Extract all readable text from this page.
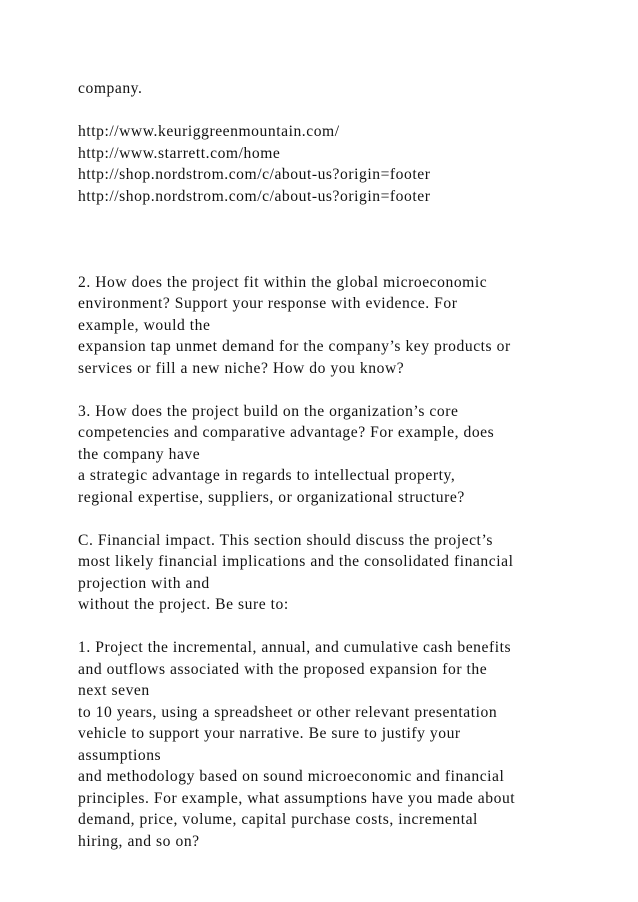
company.
http://www.keuriggreenmountain.com/
http://www.starrett.com/home
http://shop.nordstrom.com/c/about-us?origin=footer
http://shop.nordstrom.com/c/about-us?origin=footer
2. How does the project fit within the global microeconomic
environment? Support your response with evidence. For
example, would the
expansion tap unmet demand for the company’s key products or
services or fill a new niche? How do you know?
3. How does the project build on the organization’s core
competencies and comparative advantage? For example, does
the company have
a strategic advantage in regards to intellectual property,
regional expertise, suppliers, or organizational structure?
C. Financial impact. This section should discuss the project’s
most likely financial implications and the consolidated financial
projection with and
without the project. Be sure to:
1. Project the incremental, annual, and cumulative cash benefits
and outflows associated with the proposed expansion for the
next seven
to 10 years, using a spreadsheet or other relevant presentation
vehicle to support your narrative. Be sure to justify your
assumptions
and methodology based on sound microeconomic and financial
principles. For example, what assumptions have you made about
demand, price, volume, capital purchase costs, incremental
hiring, and so on?
